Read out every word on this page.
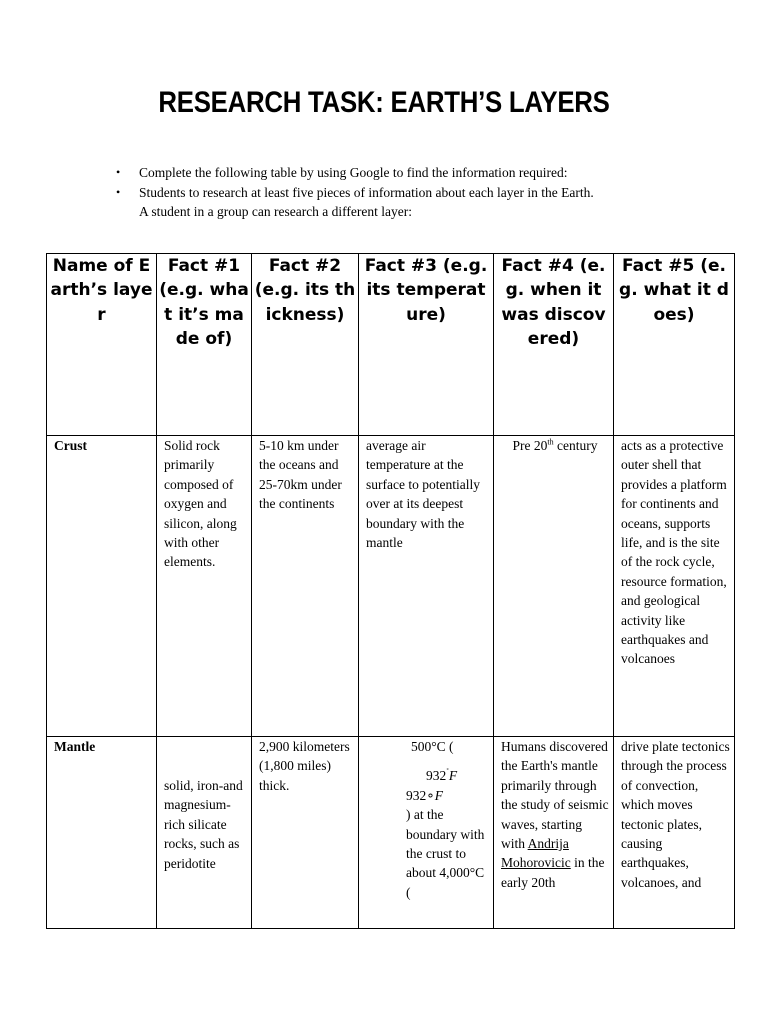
RESEARCH TASK: EARTH’S LAYERS
• Complete the following table by using Google to find the information required:
• Students to research at least five pieces of information about each layer in the Earth.
A student in a group can research a different layer:
Name of Earth’s layer	Fact #1 (e.g. what it’s made of)	Fact #2 (e.g. its thickness)	Fact #3 (e.g. its temperature)	Fact #4 (e.g. when it was discovered)	Fact #5 (e.g. what it does)
Crust	Solid rock primarily composed of oxygen and silicon, along with other elements.	5-10 km under the oceans and 25-70km under the continents	average air temperature at the surface to potentially over at its deepest boundary with the mantle	Pre 20th century	acts as a protective outer shell that provides a platform for continents and oceans, supports life, and is the site of the rock cycle, resource formation, and geological activity like earthquakes and volcanoes
Mantle	solid, iron-and magnesium-rich silicate rocks, such as peridotite	2,900 kilometers (1,800 miles) thick.	500°C (
932˚F
932∘F
) at the boundary with the crust to about 4,000°C (	Humans discovered the Earth's mantle primarily through the study of seismic waves, starting with Andrija Mohorovicic in the early 20th	drive plate tectonics through the process of convection, which moves tectonic plates, causing earthquakes, volcanoes, and
